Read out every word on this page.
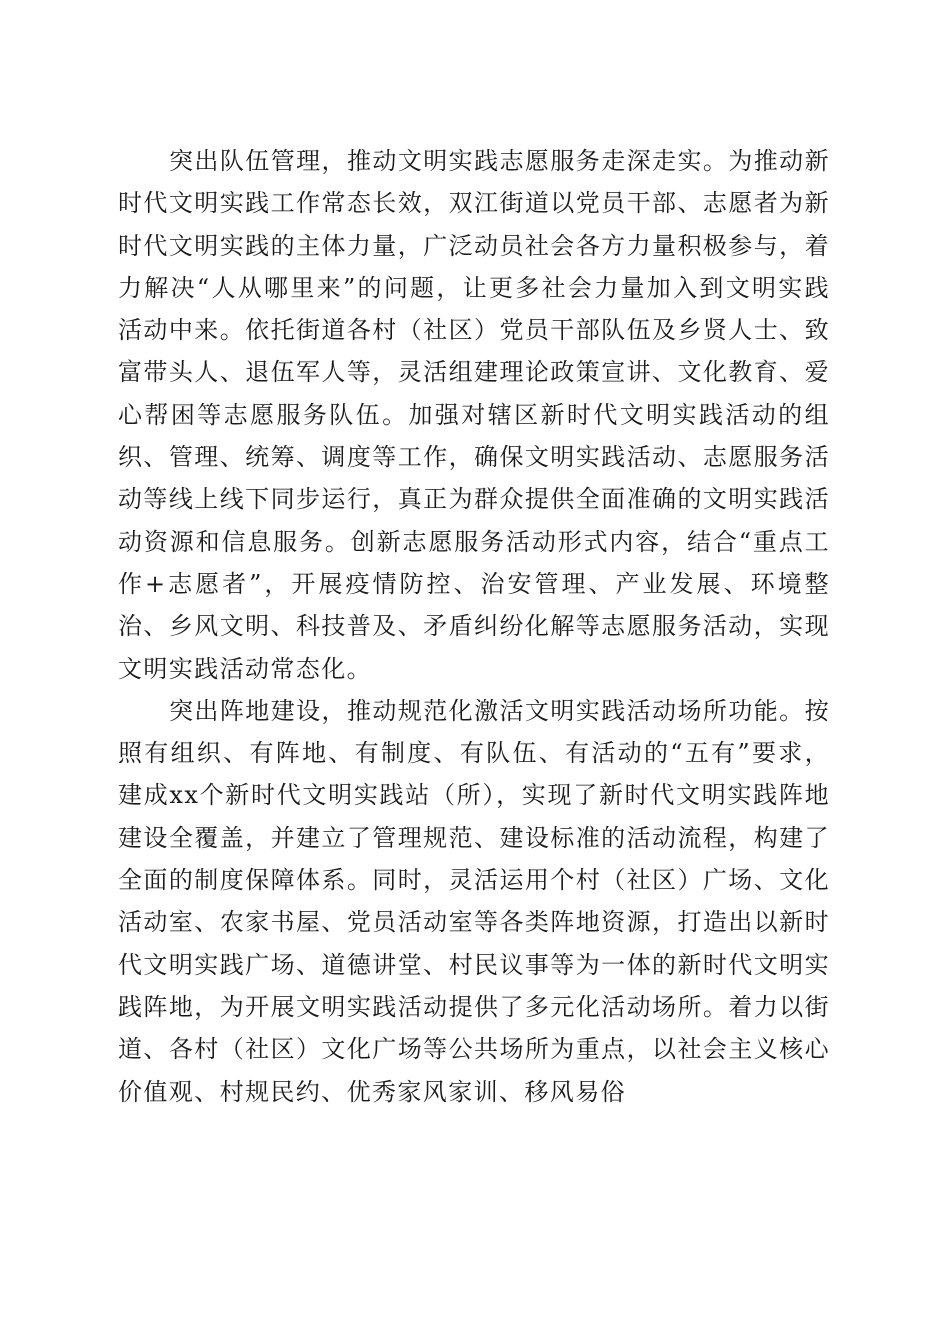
突出队伍管理，推动文明实践志愿服务走深走实。为推动新时代文明实践工作常态长效，双江街道以党员干部、志愿者为新时代文明实践的主体力量，广泛动员社会各方力量积极参与，着力解决“人从哪里来”的问题，让更多社会力量加入到文明实践活动中来。依托街道各村（社区）党员干部队伍及乡贤人士、致富带头人、退伍军人等，灵活组建理论政策宣讲、文化教育、爱心帮困等志愿服务队伍。加强对辖区新时代文明实践活动的组织、管理、统筹、调度等工作，确保文明实践活动、志愿服务活动等线上线下同步运行，真正为群众提供全面准确的文明实践活动资源和信息服务。创新志愿服务活动形式内容，结合“重点工作+志愿者”，开展疫情防控、治安管理、产业发展、环境整治、乡风文明、科技普及、矛盾纠纷化解等志愿服务活动，实现文明实践活动常态化。

突出阵地建设，推动规范化激活文明实践活动场所功能。按照有组织、有阵地、有制度、有队伍、有活动的“五有”要求，建成xx个新时代文明实践站（所），实现了新时代文明实践阵地建设全覆盖，并建立了管理规范、建设标准的活动流程，构建了全面的制度保障体系。同时，灵活运用个村（社区）广场、文化活动室、农家书屋、党员活动室等各类阵地资源，打造出以新时代文明实践广场、道德讲堂、村民议事等为一体的新时代文明实践阵地，为开展文明实践活动提供了多元化活动场所。着力以街道、各村（社区）文化广场等公共场所为重点，以社会主义核心价值观、村规民约、优秀家风家训、移风易俗
